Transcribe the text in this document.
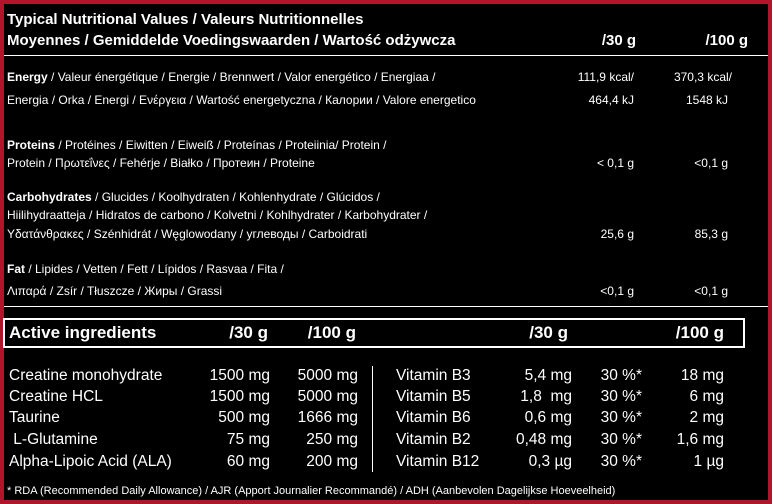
Typical Nutritional Values / Valeurs Nutritionnelles
Moyennes / Gemiddelde Voedingswaarden / Wartość odżywcza	/30 g	/100 g
Energy / Valeur énergétique / Energie / Brennwert / Valor energético / Energiaa /
Energia / Orka / Energi / Ενέργεια / Wartość energetyczna / Калории / Valore energetico
111,9 kcal/	370,3 kcal/
464,4 kJ	1548 kJ
Proteins / Protéines / Eiwitten / Eiweiß / Proteínas / Proteiinia/ Protein /
Protein / Πρωτεΐνες / Fehérje / Białko / Протеин / Proteine	< 0,1 g	<0,1 g
Carbohydrates / Glucides / Koolhydraten / Kohlenhydrate / Glúcidos /
Hiilihydraatteja / Hidratos de carbono / Kolvetni / Kohlhydrater / Karbohydrater /
Υδατάνθρακες / Szénhidrát / Węglowodany / углеводы / Carboidrati	25,6 g	85,3 g
Fat / Lipides / Vetten / Fett / Lípidos / Rasvaa / Fita /
Λιπαρά / Zsír / Tłuszcze / Жиры / Grassi	<0,1 g	<0,1 g
Active ingredients	/30 g	/100 g	/30 g	/100 g
Creatine monohydrate	1500 mg	5000 mg
Creatine HCL	1500 mg	5000 mg
Taurine	500 mg	1666 mg
L-Glutamine	75 mg	250 mg
Alpha-Lipoic Acid (ALA)	60 mg	200 mg
Vitamin B3	5,4 mg	30 %*	18 mg
Vitamin B5	1,8  mg	30 %*	6 mg
Vitamin B6	0,6 mg	30 %*	2 mg
Vitamin B2	0,48 mg	30 %*	1,6 mg
Vitamin B12	0,3 µg	30 %*	1 µg
* RDA (Recommended Daily Allowance) / AJR (Apport Journalier Recommandé) / ADH (Aanbevolen Dagelijkse Hoeveelheid)
